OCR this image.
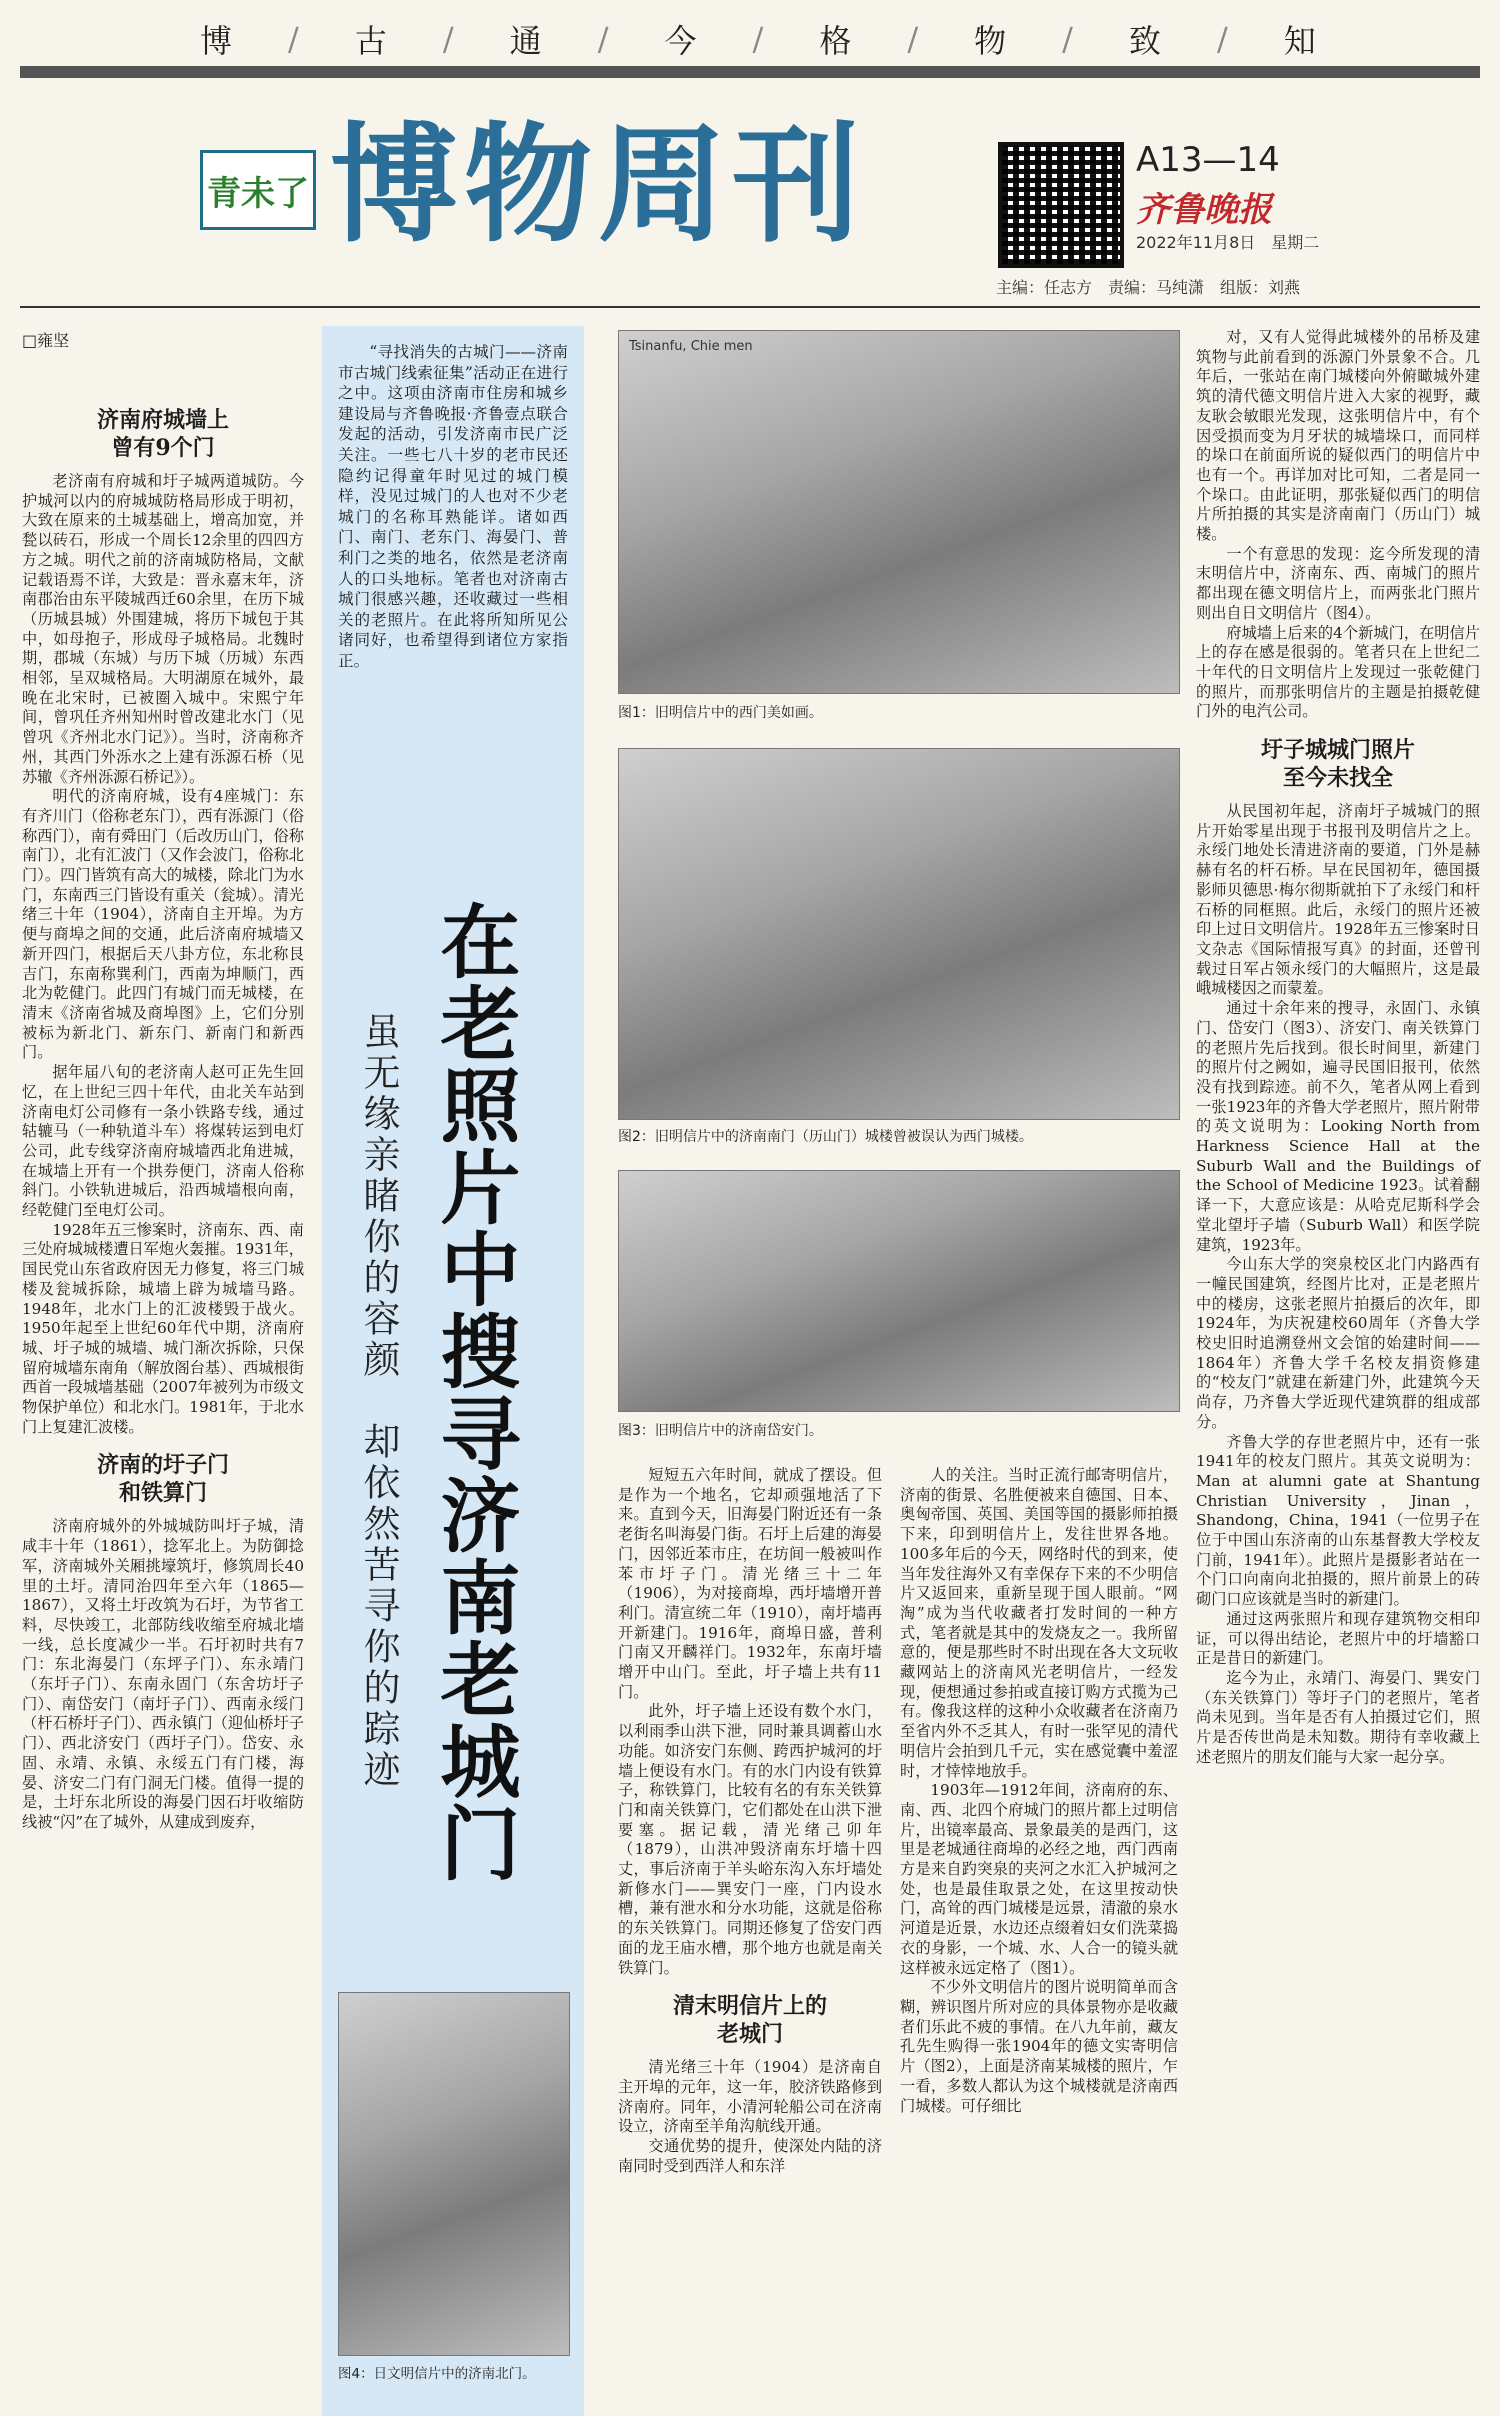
博 / 古 / 通 / 今 / 格 / 物 / 致 / 知
青未了 博物周刊	A13—14
齐鲁晚报
2022年11月8日　星期二
主编：任志方　责编：马纯潇　组版：刘燕
□雍坚
济南府城墙上
曾有9个门

老济南有府城和圩子城两道城防。今护城河以内的府城城防格局形成于明初，大致在原来的土城基础上，增高加宽，并甃以砖石，形成一个周长12余里的四四方方之城。明代之前的济南城防格局，文献记载语焉不详，大致是：晋永嘉末年，济南郡治由东平陵城西迁60余里，在历下城（历城县城）外围建城，将历下城包于其中，如母抱子，形成母子城格局。北魏时期，郡城（东城）与历下城（历城）东西相邻，呈双城格局。大明湖原在城外，最晚在北宋时，已被圈入城中。宋熙宁年间，曾巩任齐州知州时曾改建北水门（见曾巩《齐州北水门记》）。当时，济南称齐州，其西门外泺水之上建有泺源石桥（见苏辙《齐州泺源石桥记》）。

明代的济南府城，设有4座城门：东有齐川门（俗称老东门），西有泺源门（俗称西门），南有舜田门（后改历山门，俗称南门），北有汇波门（又作会波门，俗称北门）。四门皆筑有高大的城楼，除北门为水门，东南西三门皆设有重关（瓮城）。清光绪三十年（1904），济南自主开埠。为方便与商埠之间的交通，此后济南府城墙又新开四门，根据后天八卦方位，东北称艮吉门，东南称巽利门，西南为坤顺门，西北为乾健门。此四门有城门而无城楼，在清末《济南省城及商埠图》上，它们分别被标为新北门、新东门、新南门和新西门。

据年届八旬的老济南人赵可正先生回忆，在上世纪三四十年代，由北关车站到济南电灯公司修有一条小铁路专线，通过轱辘马（一种轨道斗车）将煤转运到电灯公司，此专线穿济南府城墙西北角进城，在城墙上开有一个拱券便门，济南人俗称斜门。小铁轨进城后，沿西城墙根向南，经乾健门至电灯公司。

1928年五三惨案时，济南东、西、南三处府城城楼遭日军炮火轰摧。1931年，国民党山东省政府因无力修复，将三门城楼及瓮城拆除，城墙上辟为城墙马路。1948年，北水门上的汇波楼毁于战火。1950年起至上世纪60年代中期，济南府城、圩子城的城墙、城门渐次拆除，只保留府城墙东南角（解放阁台基）、西城根街西首一段城墙基础（2007年被列为市级文物保护单位）和北水门。1981年，于北水门上复建汇波楼。

济南的圩子门
和铁算门

济南府城外的外城城防叫圩子城，清咸丰十年（1861），捻军北上。为防御捻军，济南城外关厢挑壕筑圩，修筑周长40里的土圩。清同治四年至六年（1865—1867），又将土圩改筑为石圩，为节省工料，尽快竣工，北部防线收缩至府城北墙一线，总长度减少一半。石圩初时共有7门：东北海晏门（东坪子门）、东永靖门（东圩子门）、东南永固门（东舍坊圩子门）、南岱安门（南圩子门）、西南永绥门（杆石桥圩子门）、西永镇门（迎仙桥圩子门）、西北济安门（西圩子门）。岱安、永固、永靖、永镇、永绥五门有门楼，海晏、济安二门有门洞无门楼。值得一提的是，土圩东北所设的海晏门因石圩收缩防线被“闪”在了城外，从建成到废弃，

“寻找消失的古城门——济南市古城门线索征集”活动正在进行之中。这项由济南市住房和城乡建设局与齐鲁晚报·齐鲁壹点联合发起的活动，引发济南市民广泛关注。一些七八十岁的老市民还隐约记得童年时见过的城门模样，没见过城门的人也对不少老城门的名称耳熟能详。诸如西门、南门、老东门、海晏门、普利门之类的地名，依然是老济南人的口头地标。笔者也对济南古城门很感兴趣，还收藏过一些相关的老照片。在此将所知所见公诸同好，也希望得到诸位方家指正。

在老照片中搜寻济南老城门
虽无缘亲睹你的容颜　却依然苦寻你的踪迹
Tsinanfu, Chie men
图1：旧明信片中的西门美如画。
图2：旧明信片中的济南南门（历山门）城楼曾被误认为西门城楼。
图3：旧明信片中的济南岱安门。
图4：日文明信片中的济南北门。

短短五六年时间，就成了摆设。但是作为一个地名，它却顽强地活了下来。直到今天，旧海晏门附近还有一条老街名叫海晏门街。石圩上后建的海晏门，因邻近苯市庄，在坊间一般被叫作苯市圩子门。清光绪三十二年（1906），为对接商埠，西圩墙增开普利门。清宣统二年（1910），南圩墙再开新建门。1916年，商埠日盛，普利门南又开麟祥门。1932年，东南圩墙增开中山门。至此，圩子墙上共有11门。

此外，圩子墙上还设有数个水门，以利雨季山洪下泄，同时兼具调蓄山水功能。如济安门东侧、跨西护城河的圩墙上便设有水门。有的水门内设有铁算子，称铁算门，比较有名的有东关铁算门和南关铁算门，它们都处在山洪下泄要塞。据记载，清光绪己卯年（1879），山洪冲毁济南东圩墙十四丈，事后济南于羊头峪东沟入东圩墙处新修水门——巽安门一座，门内设水槽，兼有泄水和分水功能，这就是俗称的东关铁算门。同期还修复了岱安门西面的龙王庙水槽，那个地方也就是南关铁算门。

清末明信片上的
老城门

清光绪三十年（1904）是济南自主开埠的元年，这一年，胶济铁路修到济南府。同年，小清河轮船公司在济南设立，济南至羊角沟航线开通。

交通优势的提升，使深处内陆的济南同时受到西洋人和东洋

人的关注。当时正流行邮寄明信片，济南的街景、名胜便被来自德国、日本、奥匈帝国、英国、美国等国的摄影师拍摄下来，印到明信片上，发往世界各地。100多年后的今天，网络时代的到来，使当年发往海外又有幸保存下来的不少明信片又返回来，重新呈现于国人眼前。“网淘”成为当代收藏者打发时间的一种方式，笔者就是其中的发烧友之一。我所留意的，便是那些时不时出现在各大文玩收藏网站上的济南风光老明信片，一经发现，便想通过参拍或直接订购方式揽为己有。像我这样的这种小众收藏者在济南乃至省内外不乏其人，有时一张罕见的清代明信片会拍到几千元，实在感觉囊中羞涩时，才悻悻地放手。

1903年—1912年间，济南府的东、南、西、北四个府城门的照片都上过明信片，出镜率最高、景象最美的是西门，这里是老城通往商埠的必经之地，西门西南方是来自趵突泉的夹河之水汇入护城河之处，也是最佳取景之处，在这里按动快门，高耸的西门城楼是远景，清澈的泉水河道是近景，水边还点缀着妇女们洗菜捣衣的身影，一个城、水、人合一的镜头就这样被永远定格了（图1）。

不少外文明信片的图片说明简单而含糊，辨识图片所对应的具体景物亦是收藏者们乐此不疲的事情。在八九年前，藏友孔先生购得一张1904年的德文实寄明信片（图2），上面是济南某城楼的照片，乍一看，多数人都认为这个城楼就是济南西门城楼。可仔细比

对，又有人觉得此城楼外的吊桥及建筑物与此前看到的泺源门外景象不合。几年后，一张站在南门城楼向外俯瞰城外建筑的清代德文明信片进入大家的视野，藏友耿会敏眼光发现，这张明信片中，有个因受损而变为月牙状的城墙垛口，而同样的垛口在前面所说的疑似西门的明信片中也有一个。再详加对比可知，二者是同一个垛口。由此证明，那张疑似西门的明信片所拍摄的其实是济南南门（历山门）城楼。

一个有意思的发现：迄今所发现的清末明信片中，济南东、西、南城门的照片都出现在德文明信片上，而两张北门照片则出自日文明信片（图4）。

府城墙上后来的4个新城门，在明信片上的存在感是很弱的。笔者只在上世纪二十年代的日文明信片上发现过一张乾健门的照片，而那张明信片的主题是拍摄乾健门外的电汽公司。

圩子城城门照片
至今未找全

从民国初年起，济南圩子城城门的照片开始零星出现于书报刊及明信片之上。永绥门地处长清进济南的要道，门外是赫赫有名的杆石桥。早在民国初年，德国摄影师贝德思·梅尔彻斯就拍下了永绥门和杆石桥的同框照。此后，永绥门的照片还被印上过日文明信片。1928年五三惨案时日文杂志《国际情报写真》的封面，还曾刊载过日军占领永绥门的大幅照片，这是最峨城楼因之而蒙羞。

通过十余年来的搜寻，永固门、永镇门、岱安门（图3）、济安门、南关铁算门的老照片先后找到。很长时间里，新建门的照片付之阙如，遍寻民国旧报刊，依然没有找到踪迹。前不久，笔者从网上看到一张1923年的齐鲁大学老照片，照片附带的英文说明为：Looking North from Harkness Science Hall at the Suburb Wall and the Buildings of the School of Medicine 1923。试着翻译一下，大意应该是：从哈克尼斯科学会堂北望圩子墙（Suburb Wall）和医学院建筑，1923年。

今山东大学的突泉校区北门内路西有一幢民国建筑，经图片比对，正是老照片中的楼房，这张老照片拍摄后的次年，即1924年，为庆祝建校60周年（齐鲁大学校史旧时追溯登州文会馆的始建时间——1864年）齐鲁大学千名校友捐资修建的“校友门”就建在新建门外，此建筑今天尚存，乃齐鲁大学近现代建筑群的组成部分。

齐鲁大学的存世老照片中，还有一张1941年的校友门照片。其英文说明为：Man at alumni gate at Shantung Christian University，Jinan，Shandong，China，1941（一位男子在位于中国山东济南的山东基督教大学校友门前，1941年）。此照片是摄影者站在一个门口向南向北拍摄的，照片前景上的砖砌门口应该就是当时的新建门。

通过这两张照片和现存建筑物交相印证，可以得出结论，老照片中的圩墙豁口正是昔日的新建门。

迄今为止，永靖门、海晏门、巽安门（东关铁算门）等圩子门的老照片，笔者尚未见到。当年是否有人拍摄过它们，照片是否传世尚是未知数。期待有幸收藏上述老照片的朋友们能与大家一起分享。
